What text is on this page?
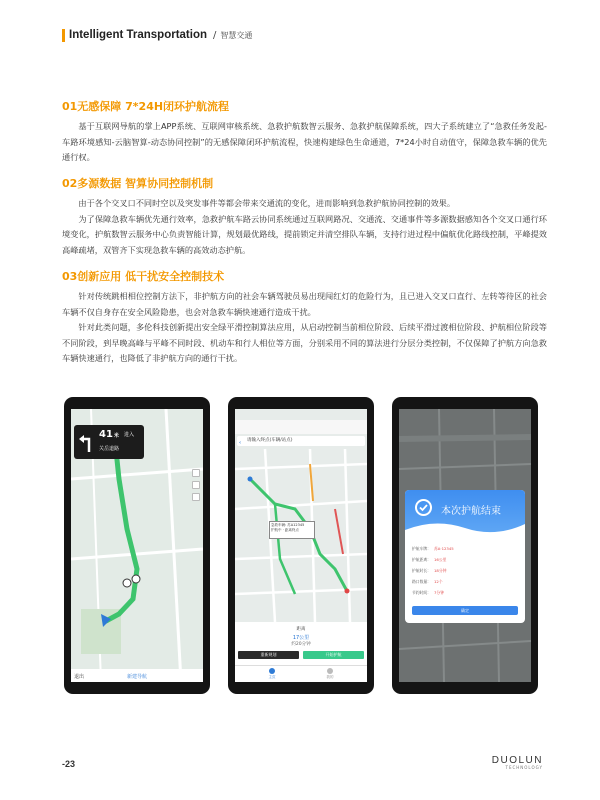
Intelligent Transportation / 智慧交通
01无感保障 7*24H闭环护航流程

基于互联网导航的掌上APP系统、互联网审核系统、急救护航数智云服务、急救护航保障系统，四大子系统建立了“急救任务发起-车路环境感知-云脑智算-动态协同控制”的无感保障闭环护航流程，快速构建绿色生命通道，7*24小时自动值守，保障急救车辆的优先通行权。

02多源数据 智算协同控制机制

由于各个交叉口不同时空以及突发事件等都会带来交通流的变化，进而影响到急救护航协同控制的效果。

为了保障急救车辆优先通行效率，急救护航车路云协同系统通过互联网路况、交通流、交通事件等多源数据感知各个交叉口通行环境变化，护航数智云服务中心负责智能计算，规划最优路线，提前锁定并清空排队车辆，支持行进过程中偏航优化路线控制，平峰提效高峰疏堵，双管齐下实现急救车辆的高效动态护航。

03创新应用 低干扰安全控制技术

针对传统跳相相位控制方法下，非护航方向的社会车辆驾驶员易出现闯红灯的危险行为，且已进入交叉口直行、左转等待区的社会车辆不仅自身存在安全风险隐患，也会对急救车辆快速通行造成干扰。

针对此类问题，多伦科技创新提出安全绿平滑控制算法应用，从启动控制当前相位阶段、后续平滑过渡相位阶段、护航相位阶段等不同阶段，到早晚高峰与平峰不同时段、机动车和行人相位等方面，分别采用不同的算法进行分层分类控制，不仅保障了护航方向急救车辆快速通行，也降低了非护航方向的通行干扰。

41米 进入
关岳道路
退出	新建导航
‹ 请输入终点(车辆/站点)
急救车辆: 苏A12345
护航中 · 距离终点
距离
17公里
约20分钟
重新规划	开始护航
主页	我的
本次护航结束
护航车牌： 苏A·12345
护航距离： 16公里
护航时长： 18分钟
路口数量： 12个
节约时间： 7分钟
确定
-23	DUOLUN
TECHNOLOGY
